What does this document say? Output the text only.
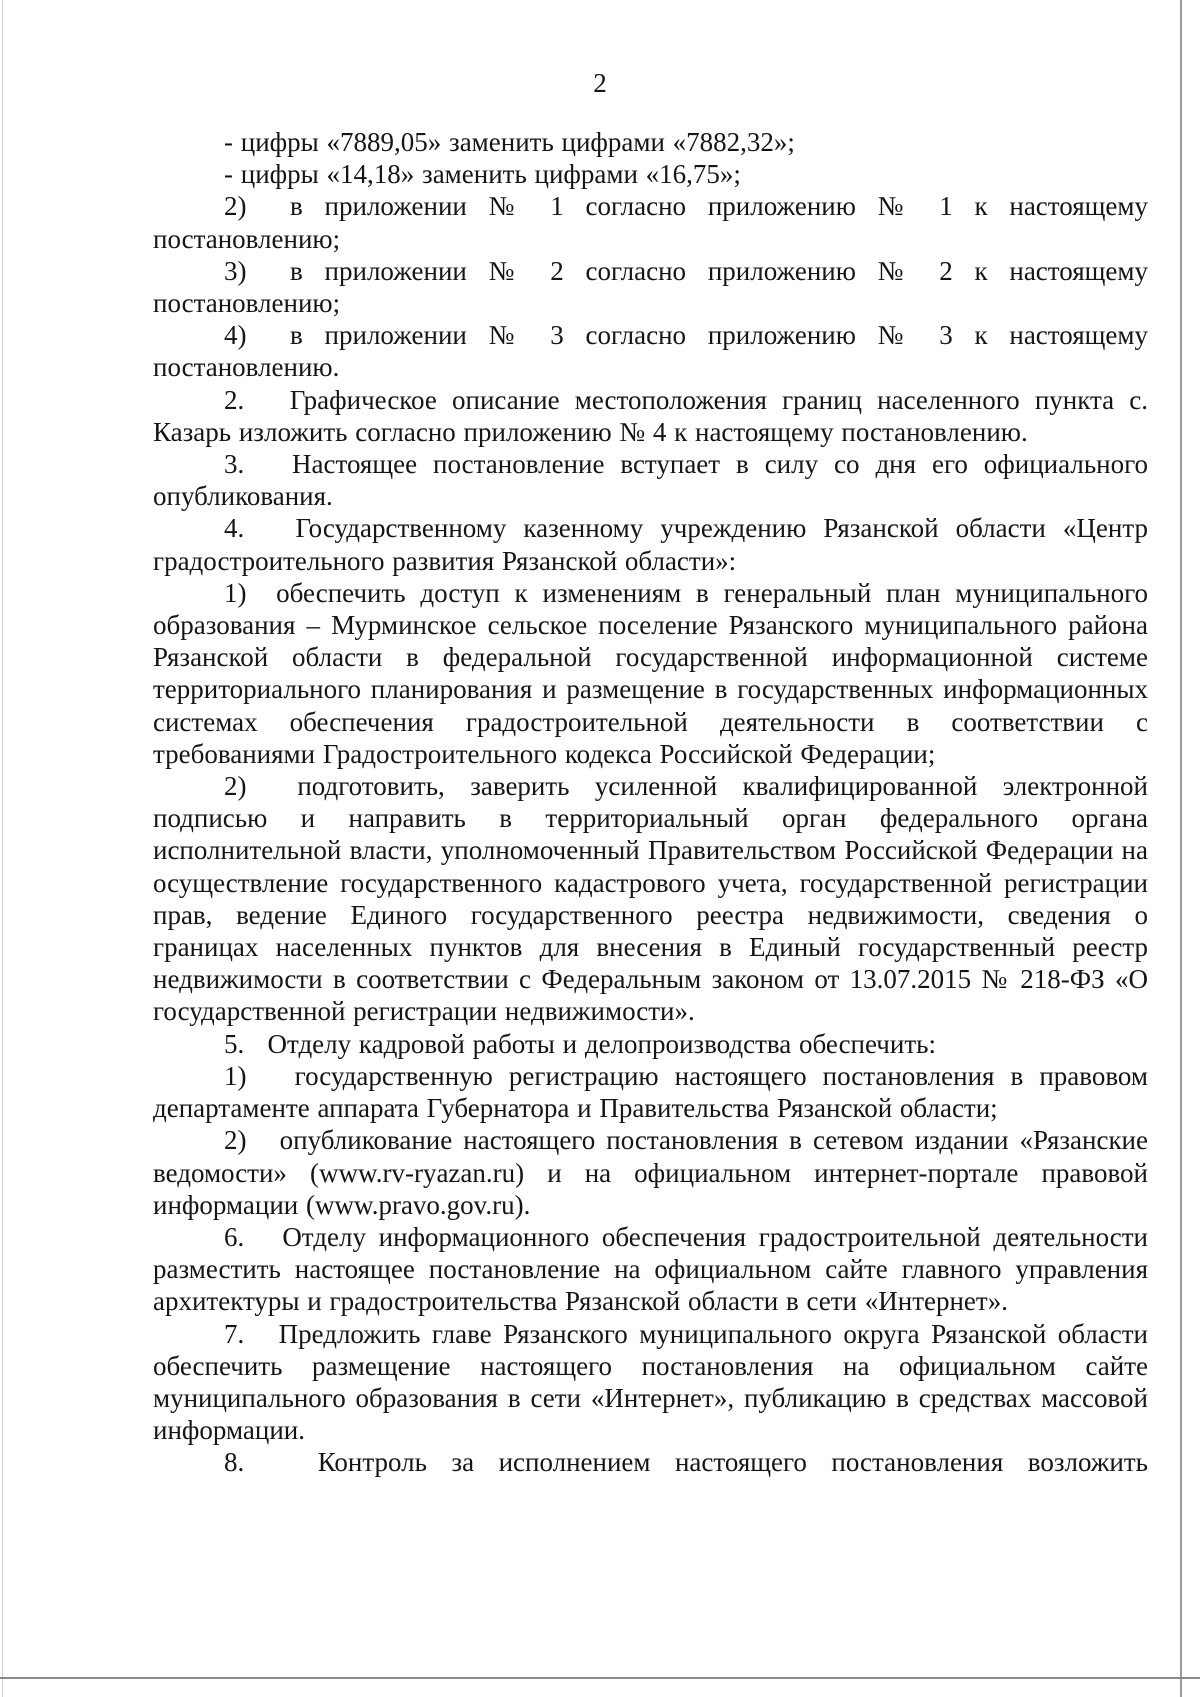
2

- цифры «7889,05» заменить цифрами «7882,32»;

- цифры «14,18» заменить цифрами «16,75»;

2)  в приложении № 1 согласно приложению № 1 к настоящему постановлению;

3)  в приложении № 2 согласно приложению № 2 к настоящему постановлению;

4)  в приложении № 3 согласно приложению № 3 к настоящему постановлению.

2.   Графическое описание местоположения границ населенного пункта с. Казарь изложить согласно приложению № 4 к настоящему постановлению.

3.   Настоящее постановление вступает в силу со дня его официального опубликования.

4.   Государственному казенному учреждению Рязанской области «Центр градостроительного развития Рязанской области»:

1)  обеспечить доступ к изменениям в генеральный план муниципального образования – Мурминское сельское поселение Рязанского муниципального района Рязанской области в федеральной государственной информационной системе территориального планирования и размещение в государственных информационных системах обеспечения градостроительной деятельности в соответствии с требованиями Градостроительного кодекса Российской Федерации;

2)  подготовить, заверить усиленной квалифицированной электронной подписью и направить в территориальный орган федерального органа исполнительной власти, уполномоченный Правительством Российской Федерации на осуществление государственного кадастрового учета, государственной регистрации прав, ведение Единого государственного реестра недвижимости, сведения о границах населенных пунктов для внесения в Единый государственный реестр недвижимости в соответствии с Федеральным законом от 13.07.2015 № 218-ФЗ «О государственной регистрации недвижимости».

5.   Отделу кадровой работы и делопроизводства обеспечить:

1)   государственную регистрацию настоящего постановления в правовом департаменте аппарата Губернатора и Правительства Рязанской области;

2)   опубликование настоящего постановления в сетевом издании «Рязанские ведомости» (www.rv-ryazan.ru) и на официальном интернет-портале правовой информации (www.pravo.gov.ru).

6.   Отделу информационного обеспечения градостроительной деятельности разместить настоящее постановление на официальном сайте главного управления архитектуры и градостроительства Рязанской области в сети «Интернет».

7.   Предложить главе Рязанского муниципального округа Рязанской области обеспечить размещение настоящего постановления на официальном сайте муниципального образования в сети «Интернет», публикацию в средствах массовой информации.

8.   Контроль за исполнением настоящего постановления возложить
